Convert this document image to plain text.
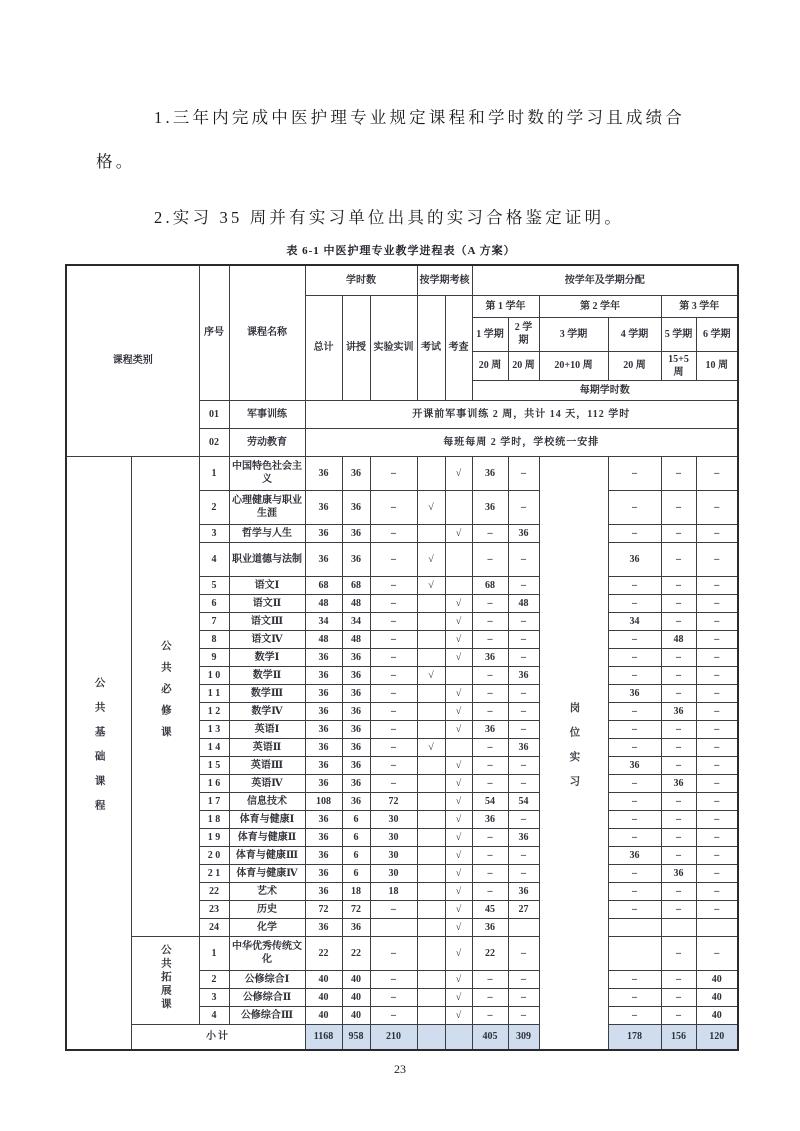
1.三年内完成中医护理专业规定课程和学时数的学习且成绩合格。

2.实习 35 周并有实习单位出具的实习合格鉴定证明。

表 6-1 中医护理专业教学进程表（A 方案）
课程类别		序号	课程名称	学时数			按学期考核		按学年及学期分配					
				总计	讲授	实验实训	考试	考查	第 1 学年		第 2 学年		第 3 学年	
									1 学期	2 学期	3 学期	4 学期	5 学期	6 学期
									20 周	20 周	20+10 周	20 周	15+5 周	10 周
									每期学时数					
		01	军事训练	开课前军事训练 2 周，共计 14 天，112 学时										
		02	劳动教育	每班每周 2 学时，学校统一安排										
公共基础课程	公共必修课	1	中国特色社会主义	36	36	–		√	36	–	岗位实习	–	–	–
		2	心理健康与职业生涯	36	36	–	√		36	–		–	–	–
		3	哲学与人生	36	36	–		√	–	36		–	–	–
		4	职业道德与法制	36	36	–	√		–	–		36	–	–
		5	语文Ⅰ	68	68	–	√		68	–		–	–	–
		6	语文Ⅱ	48	48	–		√	–	48		–	–	–
		7	语文Ⅲ	34	34	–		√	–	–		34	–	–
		8	语文Ⅳ	48	48	–		√	–	–		–	48	–
		9	数学Ⅰ	36	36	–		√	36	–		–	–	–
		1 0	数学Ⅱ	36	36	–	√		–	36		–	–	–
		1 1	数学Ⅲ	36	36	–		√	–	–		36	–	–
		1 2	数学Ⅳ	36	36	–		√	–	–		–	36	–
		1 3	英语Ⅰ	36	36	–		√	36	–		–	–	–
		1 4	英语Ⅱ	36	36	–	√		–	36		–	–	–
		1 5	英语Ⅲ	36	36	–		√	–	–		36	–	–
		1 6	英语Ⅳ	36	36	–		√	–	–		–	36	–
		1 7	信息技术	108	36	72		√	54	54		–	–	–
		1 8	体育与健康Ⅰ	36	6	30		√	36	–		–	–	–
		1 9	体育与健康Ⅱ	36	6	30		√	–	36		–	–	–
		2 0	体育与健康Ⅲ	36	6	30		√	–	–		36	–	–
		2 1	体育与健康Ⅳ	36	6	30		√	–	–		–	36	–
		22	艺术	36	18	18		√	–	36		–	–	–
		23	历史	72	72	–		√	45	27		–	–	–
		24	化学	36	36			√	36					
	公共拓展课	1	中华优秀传统文化	22	22	–		√	22	–			–	–
		2	公修综合Ⅰ	40	40	–		√	–	–		–	–	40
		3	公修综合Ⅱ	40	40	–		√	–	–		–	–	40
		4	公修综合Ⅲ	40	40	–		√	–	–		–	–	40
	小计			1168	958	210			405	309		178	156	120
23
